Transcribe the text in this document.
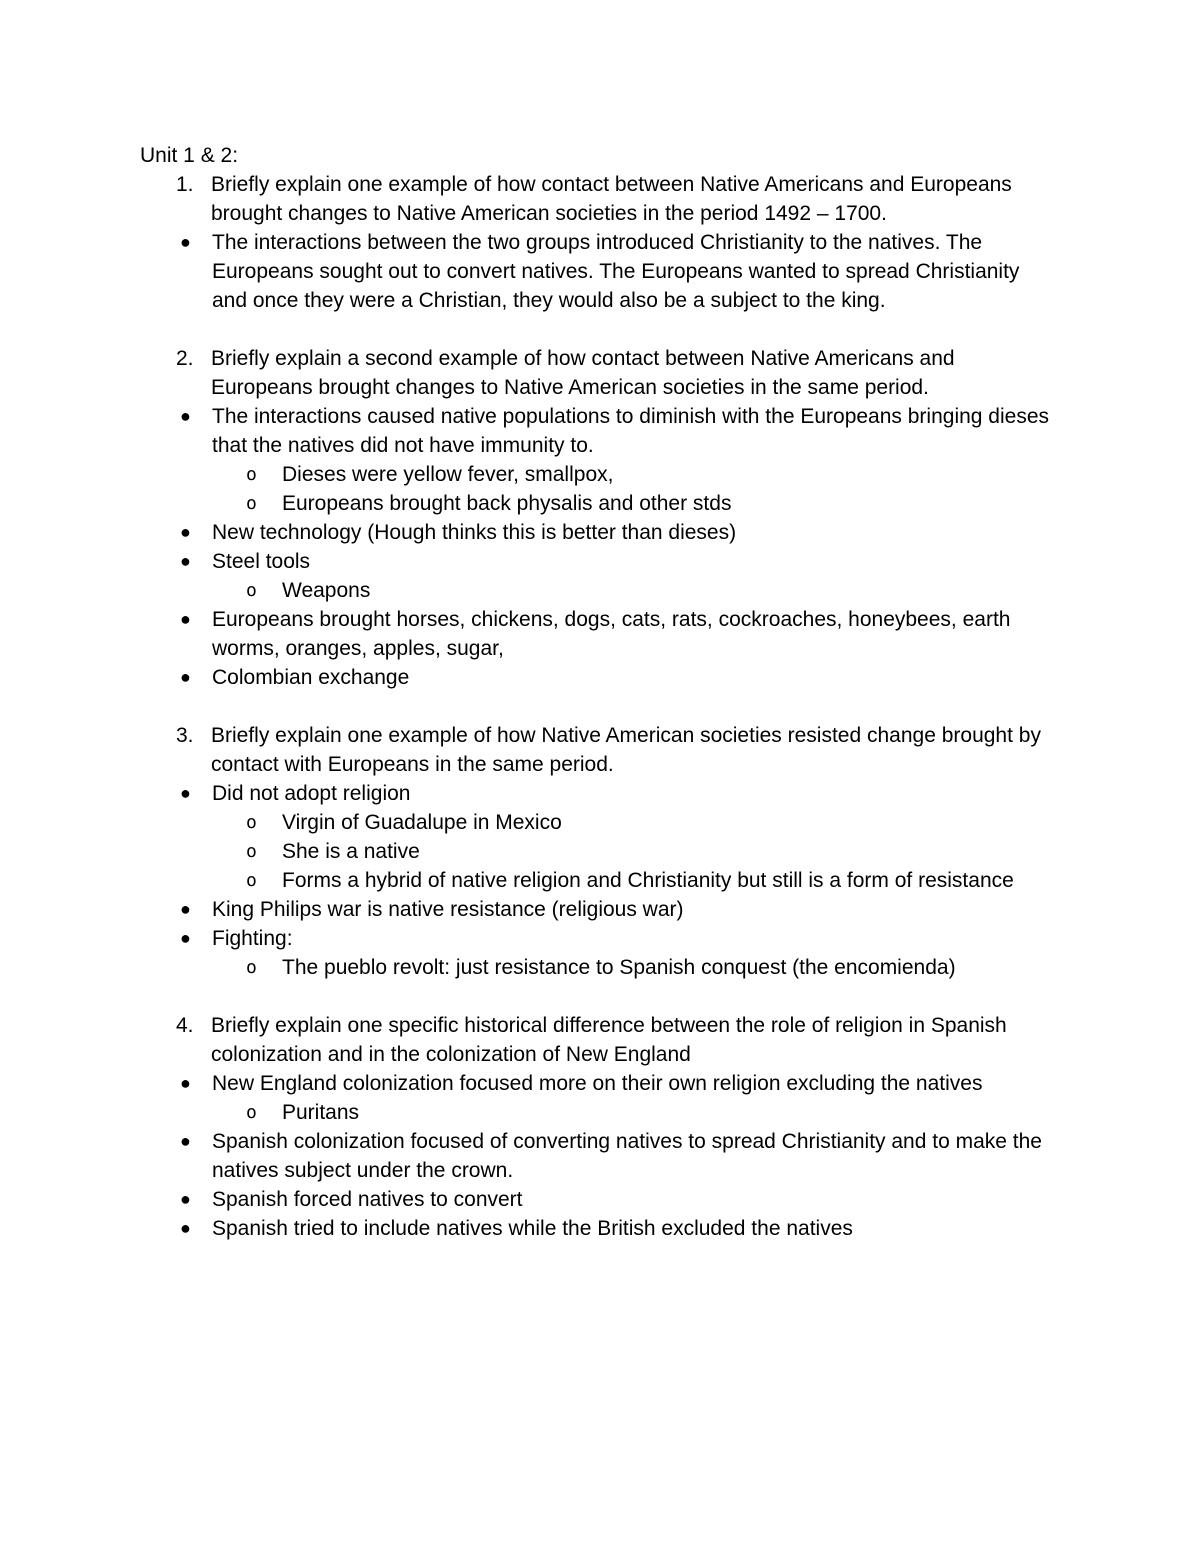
Unit 1 & 2:
1. Briefly explain one example of how contact between Native Americans and Europeans brought changes to Native American societies in the period 1492 – 1700.
● The interactions between the two groups introduced Christianity to the natives. The Europeans sought out to convert natives. The Europeans wanted to spread Christianity and once they were a Christian, they would also be a subject to the king.
2. Briefly explain a second example of how contact between Native Americans and Europeans brought changes to Native American societies in the same period.
● The interactions caused native populations to diminish with the Europeans bringing dieses that the natives did not have immunity to.
o Dieses were yellow fever, smallpox,
o Europeans brought back physalis and other stds
● New technology (Hough thinks this is better than dieses)
● Steel tools
o Weapons
● Europeans brought horses, chickens, dogs, cats, rats, cockroaches, honeybees, earth worms, oranges, apples, sugar,
● Colombian exchange
3. Briefly explain one example of how Native American societies resisted change brought by contact with Europeans in the same period.
● Did not adopt religion
o Virgin of Guadalupe in Mexico
o She is a native
o Forms a hybrid of native religion and Christianity but still is a form of resistance
● King Philips war is native resistance (religious war)
● Fighting:
o The pueblo revolt: just resistance to Spanish conquest (the encomienda)
4. Briefly explain one specific historical difference between the role of religion in Spanish colonization and in the colonization of New England
● New England colonization focused more on their own religion excluding the natives
o Puritans
● Spanish colonization focused of converting natives to spread Christianity and to make the natives subject under the crown.
● Spanish forced natives to convert
● Spanish tried to include natives while the British excluded the natives
